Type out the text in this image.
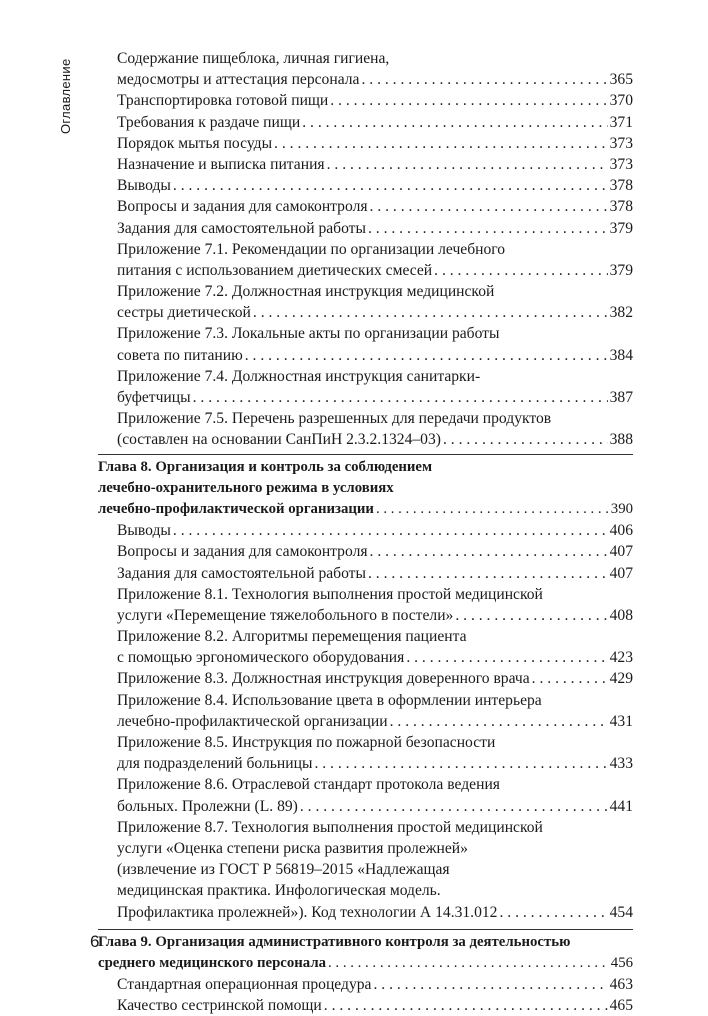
Оглавление
Содержание пищеблока, личная гигиена,
медосмотры и аттестация персонала . . .	365
Транспортировка готовой пищи . . .	370
Требования к раздаче пищи . . .	371
Порядок мытья посуды . . .	373
Назначение и выписка питания . . .	373
Выводы . . .	378
Вопросы и задания для самоконтроля . . .	378
Задания для самостоятельной работы . . .	379
Приложение 7.1. Рекомендации по организации лечебного
питания с использованием диетических смесей . . .	379
Приложение 7.2. Должностная инструкция медицинской
сестры диетической . . .	382
Приложение 7.3. Локальные акты по организации работы
совета по питанию . . .	384
Приложение 7.4. Должностная инструкция санитарки-
буфетчицы . . .	387
Приложение 7.5. Перечень разрешенных для передачи продуктов
(составлен на основании СанПиН 2.3.2.1324–03) . . .	388
Глава 8. Организация и контроль за соблюдением
лечебно-охранительного режима в условиях
лечебно-профилактической организации . . .	390
Выводы . . .	406
Вопросы и задания для самоконтроля . . .	407
Задания для самостоятельной работы . . .	407
Приложение 8.1. Технология выполнения простой медицинской
услуги «Перемещение тяжелобольного в постели» . . .	408
Приложение 8.2. Алгоритмы перемещения пациента
с помощью эргономического оборудования . . .	423
Приложение 8.3. Должностная инструкция доверенного врача . . .	429
Приложение 8.4. Использование цвета в оформлении интерьера
лечебно-профилактической организации . . .	431
Приложение 8.5. Инструкция по пожарной безопасности
для подразделений больницы . . .	433
Приложение 8.6. Отраслевой стандарт протокола ведения
больных. Пролежни (L. 89) . . .	441
Приложение 8.7. Технология выполнения простой медицинской
услуги «Оценка степени риска развития пролежней»
(извлечение из ГОСТ Р 56819–2015 «Надлежащая
медицинская практика. Инфологическая модель.
Профилактика пролежней»). Код технологии А 14.31.012 . . .	454
Глава 9. Организация административного контроля за деятельностью
среднего медицинского персонала . . .	456
Стандартная операционная процедура . . .	463
Качество сестринской помощи . . .	465
6
